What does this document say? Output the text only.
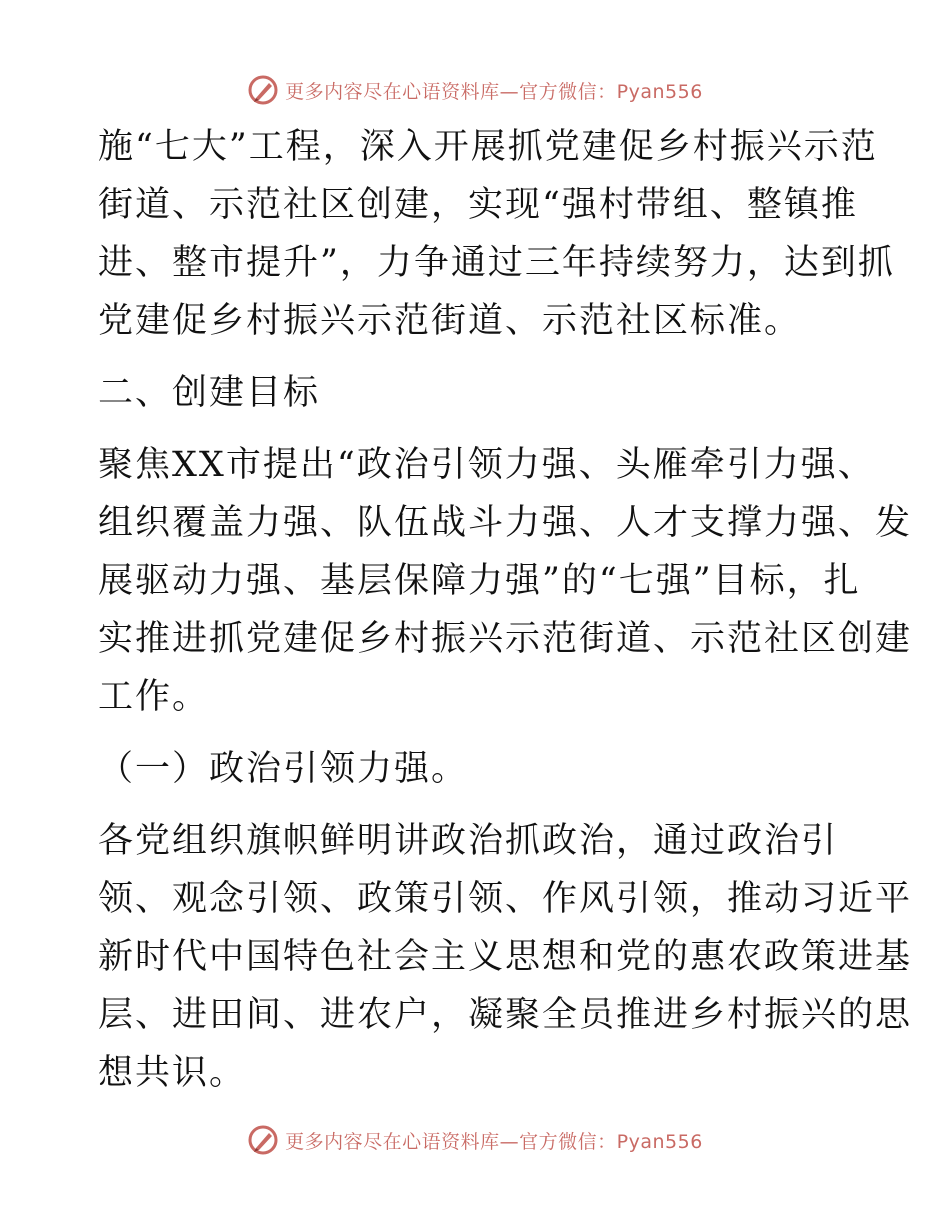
更多内容尽在心语资料库—官方微信：Pyan556
施“七大”工程，深入开展抓党建促乡村振兴示范
街道、示范社区创建，实现“强村带组、整镇推
进、整市提升”，力争通过三年持续努力，达到抓
党建促乡村振兴示范街道、示范社区标准。
二、创建目标
聚焦XX市提出“政治引领力强、头雁牵引力强、
组织覆盖力强、队伍战斗力强、人才支撑力强、发
展驱动力强、基层保障力强”的“七强”目标，扎
实推进抓党建促乡村振兴示范街道、示范社区创建
工作。
（一）政治引领力强。
各党组织旗帜鲜明讲政治抓政治，通过政治引
领、观念引领、政策引领、作风引领，推动习近平
新时代中国特色社会主义思想和党的惠农政策进基
层、进田间、进农户，凝聚全员推进乡村振兴的思
想共识。
更多内容尽在心语资料库—官方微信：Pyan556
